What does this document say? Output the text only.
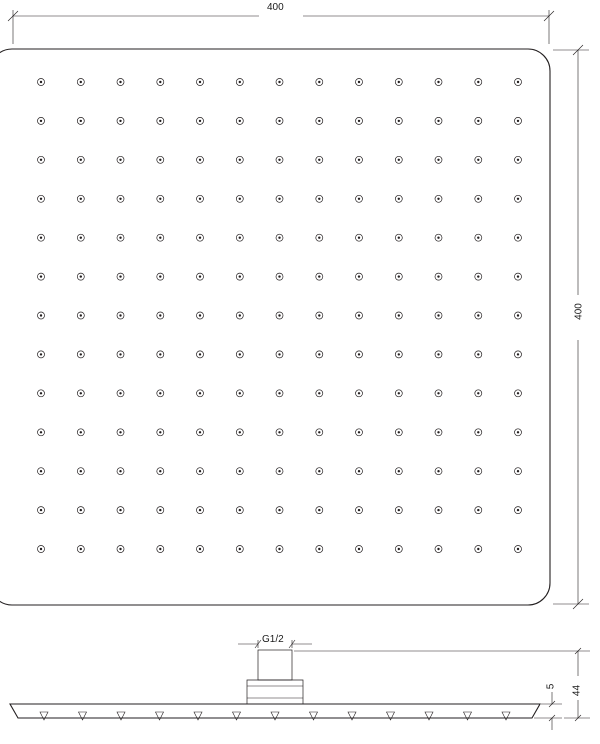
400
400
G1/2
5 44
